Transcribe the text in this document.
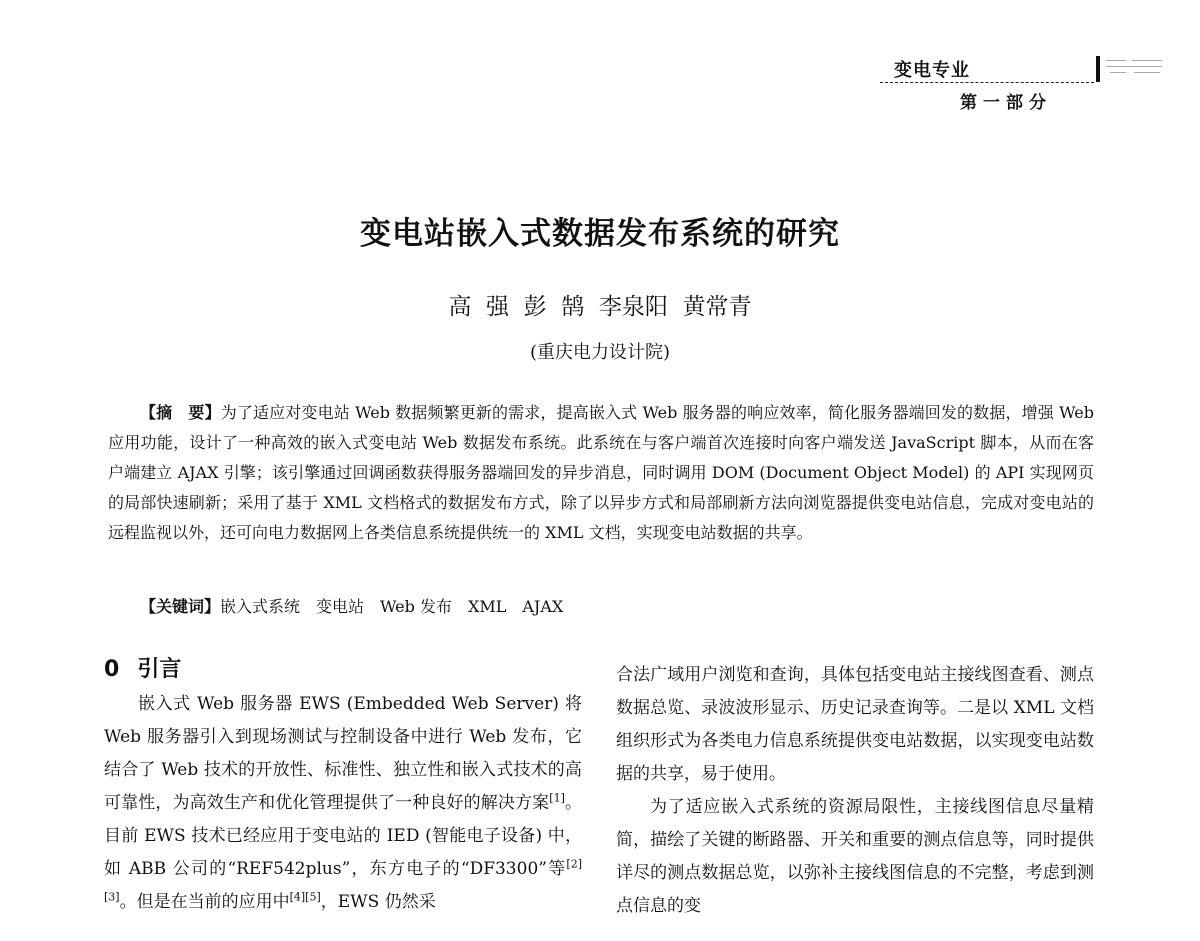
变电专业
第一部分
变电站嵌入式数据发布系统的研究
高  强  彭  鹄  李泉阳  黄常青
(重庆电力设计院)
【摘　要】为了适应对变电站 Web 数据频繁更新的需求，提高嵌入式 Web 服务器的响应效率，简化服务器端回发的数据，增强 Web 应用功能，设计了一种高效的嵌入式变电站 Web 数据发布系统。此系统在与客户端首次连接时向客户端发送 JavaScript 脚本，从而在客户端建立 AJAX 引擎；该引擎通过回调函数获得服务器端回发的异步消息，同时调用 DOM (Document Object Model) 的 API 实现网页的局部快速刷新；采用了基于 XML 文档格式的数据发布方式，除了以异步方式和局部刷新方法向浏览器提供变电站信息，完成对变电站的远程监视以外，还可向电力数据网上各类信息系统提供统一的 XML 文档，实现变电站数据的共享。
【关键词】嵌入式系统　变电站　Web 发布　XML　AJAX
0 引言

嵌入式 Web 服务器 EWS (Embedded Web Server) 将 Web 服务器引入到现场测试与控制设备中进行 Web 发布，它结合了 Web 技术的开放性、标准性、独立性和嵌入式技术的高可靠性，为高效生产和优化管理提供了一种良好的解决方案[1]。目前 EWS 技术已经应用于变电站的 IED (智能电子设备) 中，如 ABB 公司的“REF542plus”，东方电子的“DF3300”等[2][3]。但是在当前的应用中[4][5]，EWS 仍然采

合法广域用户浏览和查询，具体包括变电站主接线图查看、测点数据总览、录波波形显示、历史记录查询等。二是以 XML 文档组织形式为各类电力信息系统提供变电站数据，以实现变电站数据的共享，易于使用。

为了适应嵌入式系统的资源局限性，主接线图信息尽量精简，描绘了关键的断路器、开关和重要的测点信息等，同时提供详尽的测点数据总览，以弥补主接线图信息的不完整，考虑到测点信息的变
